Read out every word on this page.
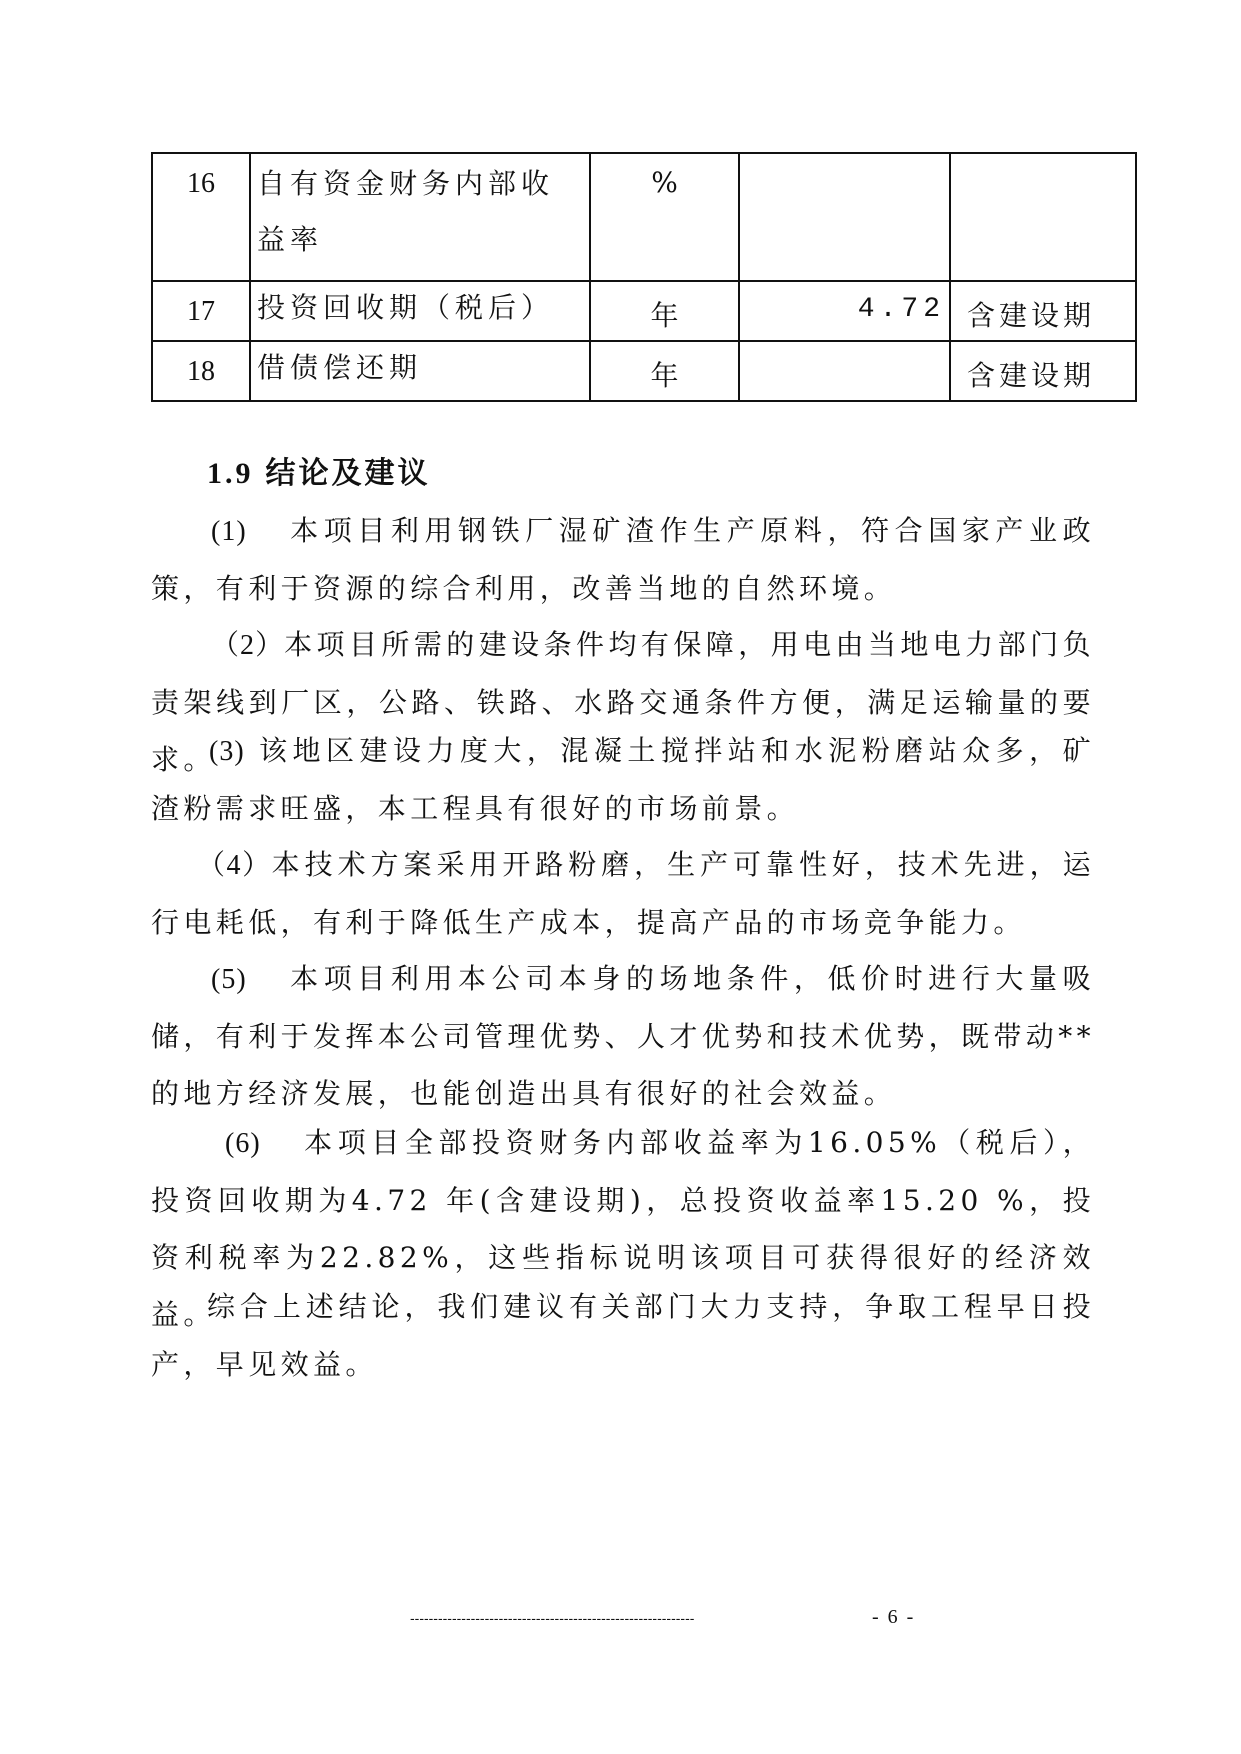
16	自有资金财务内部收益率	%		
17	投资回收期（税后）	年	4.72	含建设期
18	借债偿还期	年		含建设期
1.9 结论及建议

(1) 本项目利用钢铁厂湿矿渣作生产原料，符合国家产业政策，有利于资源的综合利用，改善当地的自然环境。

（2）本项目所需的建设条件均有保障，用电由当地电力部门负责架线到厂区，公路、铁路、水路交通条件方便，满足运输量的要求。

(3) 该地区建设力度大，混凝土搅拌站和水泥粉磨站众多，矿渣粉需求旺盛，本工程具有很好的市场前景。

（4）本技术方案采用开路粉磨，生产可靠性好，技术先进，运行电耗低，有利于降低生产成本，提高产品的市场竞争能力。

(5) 本项目利用本公司本身的场地条件，低价时进行大量吸储，有利于发挥本公司管理优势、人才优势和技术优势，既带动**的地方经济发展，也能创造出具有很好的社会效益。

(6) 本项目全部投资财务内部收益率为16.05%（税后），投资回收期为4.72 年(含建设期)，总投资收益率15.20 %，投资利税率为22.82%，这些指标说明该项目可获得很好的经济效益。

综合上述结论，我们建议有关部门大力支持，争取工程早日投产，早见效益。

-------------------------------------------------------------	- 6 -
